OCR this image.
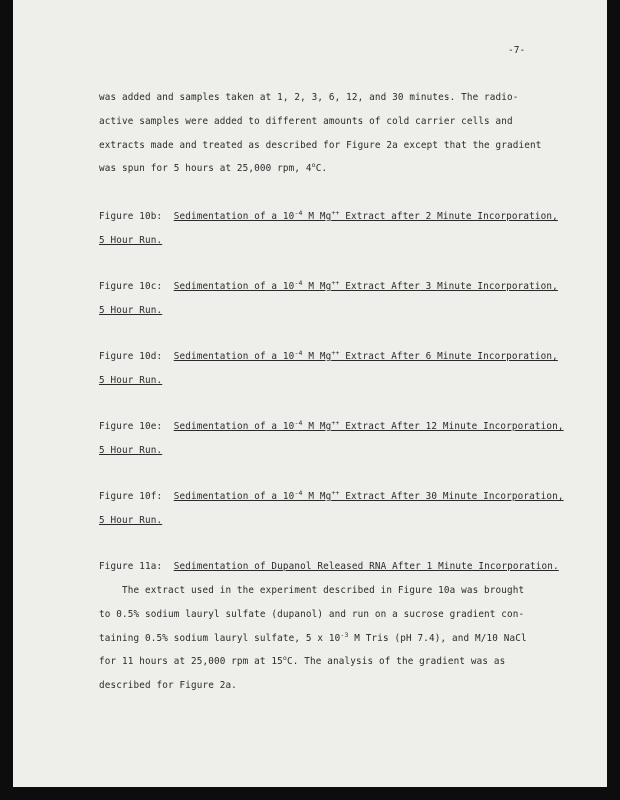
-7-
was added and samples taken at 1, 2, 3, 6, 12, and 30 minutes. The radio-
active samples were added to different amounts of cold carrier cells and
extracts made and treated as described for Figure 2a except that the gradient
was spun for 5 hours at 25,000 rpm, 4$^o$C.
Figure 10b: Sedimentation of a $10^{-4}$ M Mg++ Extract after 2 Minute Incorporation,
5 Hour Run.
Figure 10c: Sedimentation of a $10^{-4}$ M Mg++ Extract After 3 Minute Incorporation,
5 Hour Run.
Figure 10d: Sedimentation of a $10^{-4}$ M Mg++ Extract After 6 Minute Incorporation,
5 Hour Run.
Figure 10e: Sedimentation of a $10^{-4}$ M Mg++ Extract After 12 Minute Incorporation,
5 Hour Run.
Figure 10f: Sedimentation of a $10^{-4}$ M Mg++ Extract After 30 Minute Incorporation,
5 Hour Run.
Figure 11a: Sedimentation of Dupanol Released RNA After 1 Minute Incorporation.
The extract used in the experiment described in Figure 10a was brought
to 0.5% sodium lauryl sulfate (dupanol) and run on a sucrose gradient con-
taining 0.5% sodium lauryl sulfate, 5 x $10^{-3}$ M Tris (pH 7.4), and M/10 NaCl
for 11 hours at 25,000 rpm at 15$^o$C. The analysis of the gradient was as
described for Figure 2a.
